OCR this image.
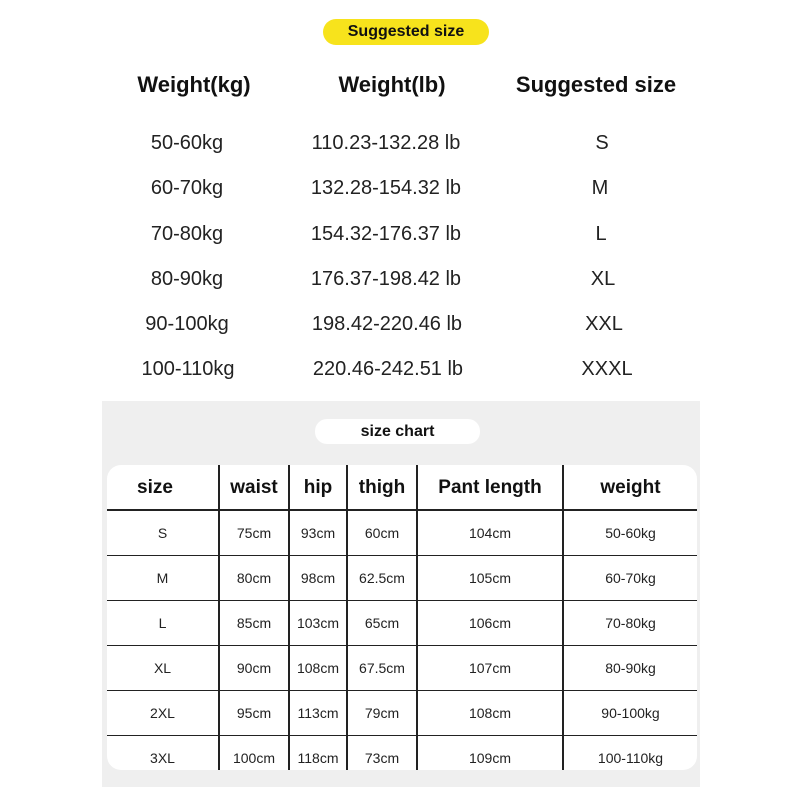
Suggested size
Weight(kg)	Weight(lb)	Suggested size
50-60kg	110.23-132.28 lb	S
60-70kg	132.28-154.32 lb	M
70-80kg	154.32-176.37 lb	L
80-90kg	176.37-198.42 lb	XL
90-100kg	198.42-220.46 lb	XXL
100-110kg	220.46-242.51 lb	XXXL
size chart
size	waist	hip	thigh	Pant length	weight
S	75cm	93cm	60cm	104cm	50-60kg
M	80cm	98cm	62.5cm	105cm	60-70kg
L	85cm	103cm	65cm	106cm	70-80kg
XL	90cm	108cm	67.5cm	107cm	80-90kg
2XL	95cm	113cm	79cm	108cm	90-100kg
3XL	100cm	118cm	73cm	109cm	100-110kg
